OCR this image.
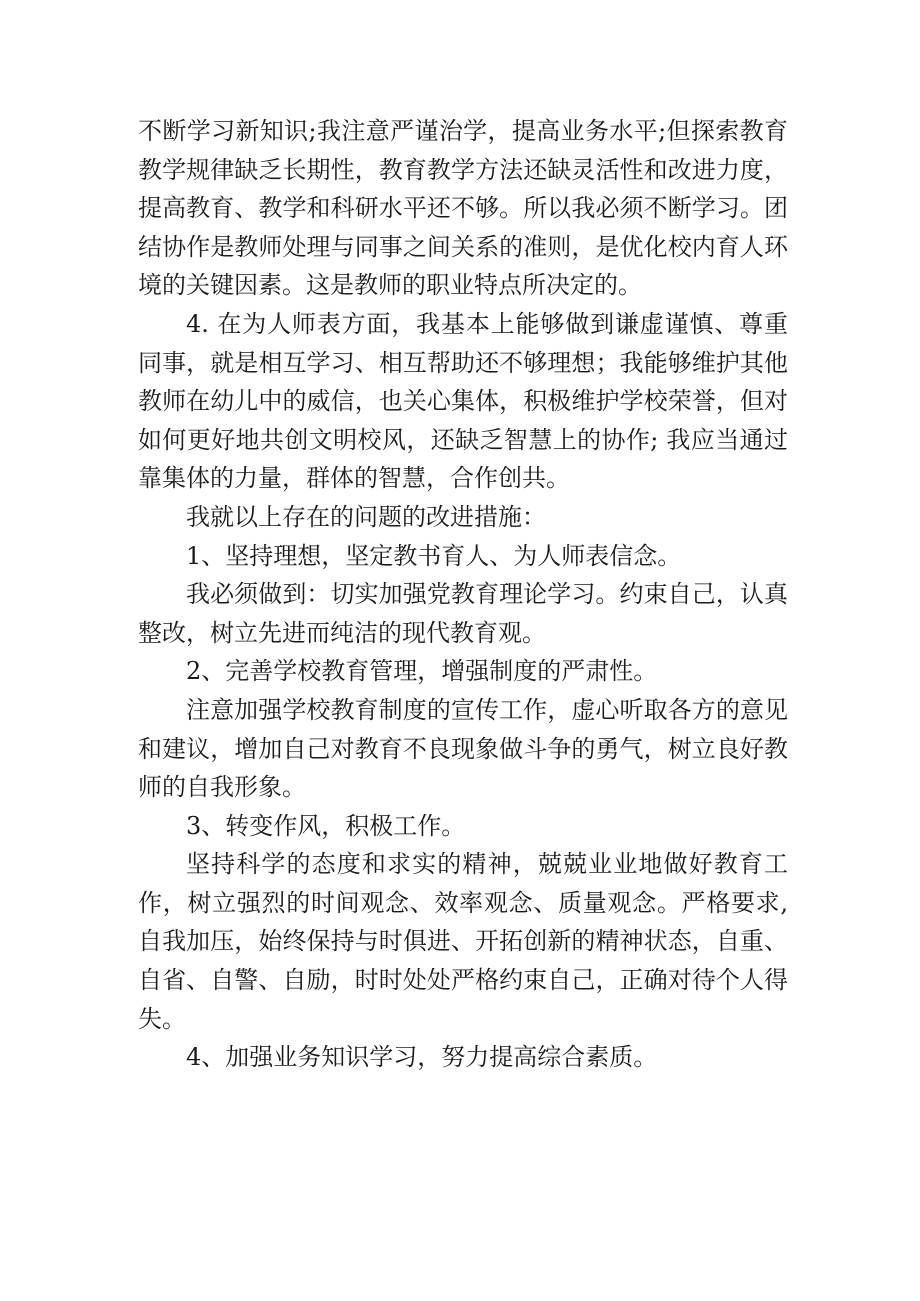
不断学习新知识;我注意严谨治学，提高业务水平;但探索教育教学规律缺乏长期性，教育教学方法还缺灵活性和改进力度，提高教育、教学和科研水平还不够。所以我必须不断学习。团结协作是教师处理与同事之间关系的准则，是优化校内育人环境的关键因素。这是教师的职业特点所决定的。

4. 在为人师表方面，我基本上能够做到谦虚谨慎、尊重同事，就是相互学习、相互帮助还不够理想；我能够维护其他教师在幼儿中的威信，也关心集体，积极维护学校荣誉，但对如何更好地共创文明校风，还缺乏智慧上的协作; 我应当通过靠集体的力量，群体的智慧，合作创共。

我就以上存在的问题的改进措施：

1、坚持理想，坚定教书育人、为人师表信念。

我必须做到：切实加强党教育理论学习。约束自己，认真整改，树立先进而纯洁的现代教育观。

2、完善学校教育管理，增强制度的严肃性。

注意加强学校教育制度的宣传工作，虚心听取各方的意见和建议，增加自己对教育不良现象做斗争的勇气，树立良好教师的自我形象。

3、转变作风，积极工作。

坚持科学的态度和求实的精神，兢兢业业地做好教育工作，树立强烈的时间观念、效率观念、质量观念。严格要求, 自我加压，始终保持与时俱进、开拓创新的精神状态，自重、自省、自警、自励，时时处处严格约束自己，正确对待个人得失。

4、加强业务知识学习，努力提高综合素质。
